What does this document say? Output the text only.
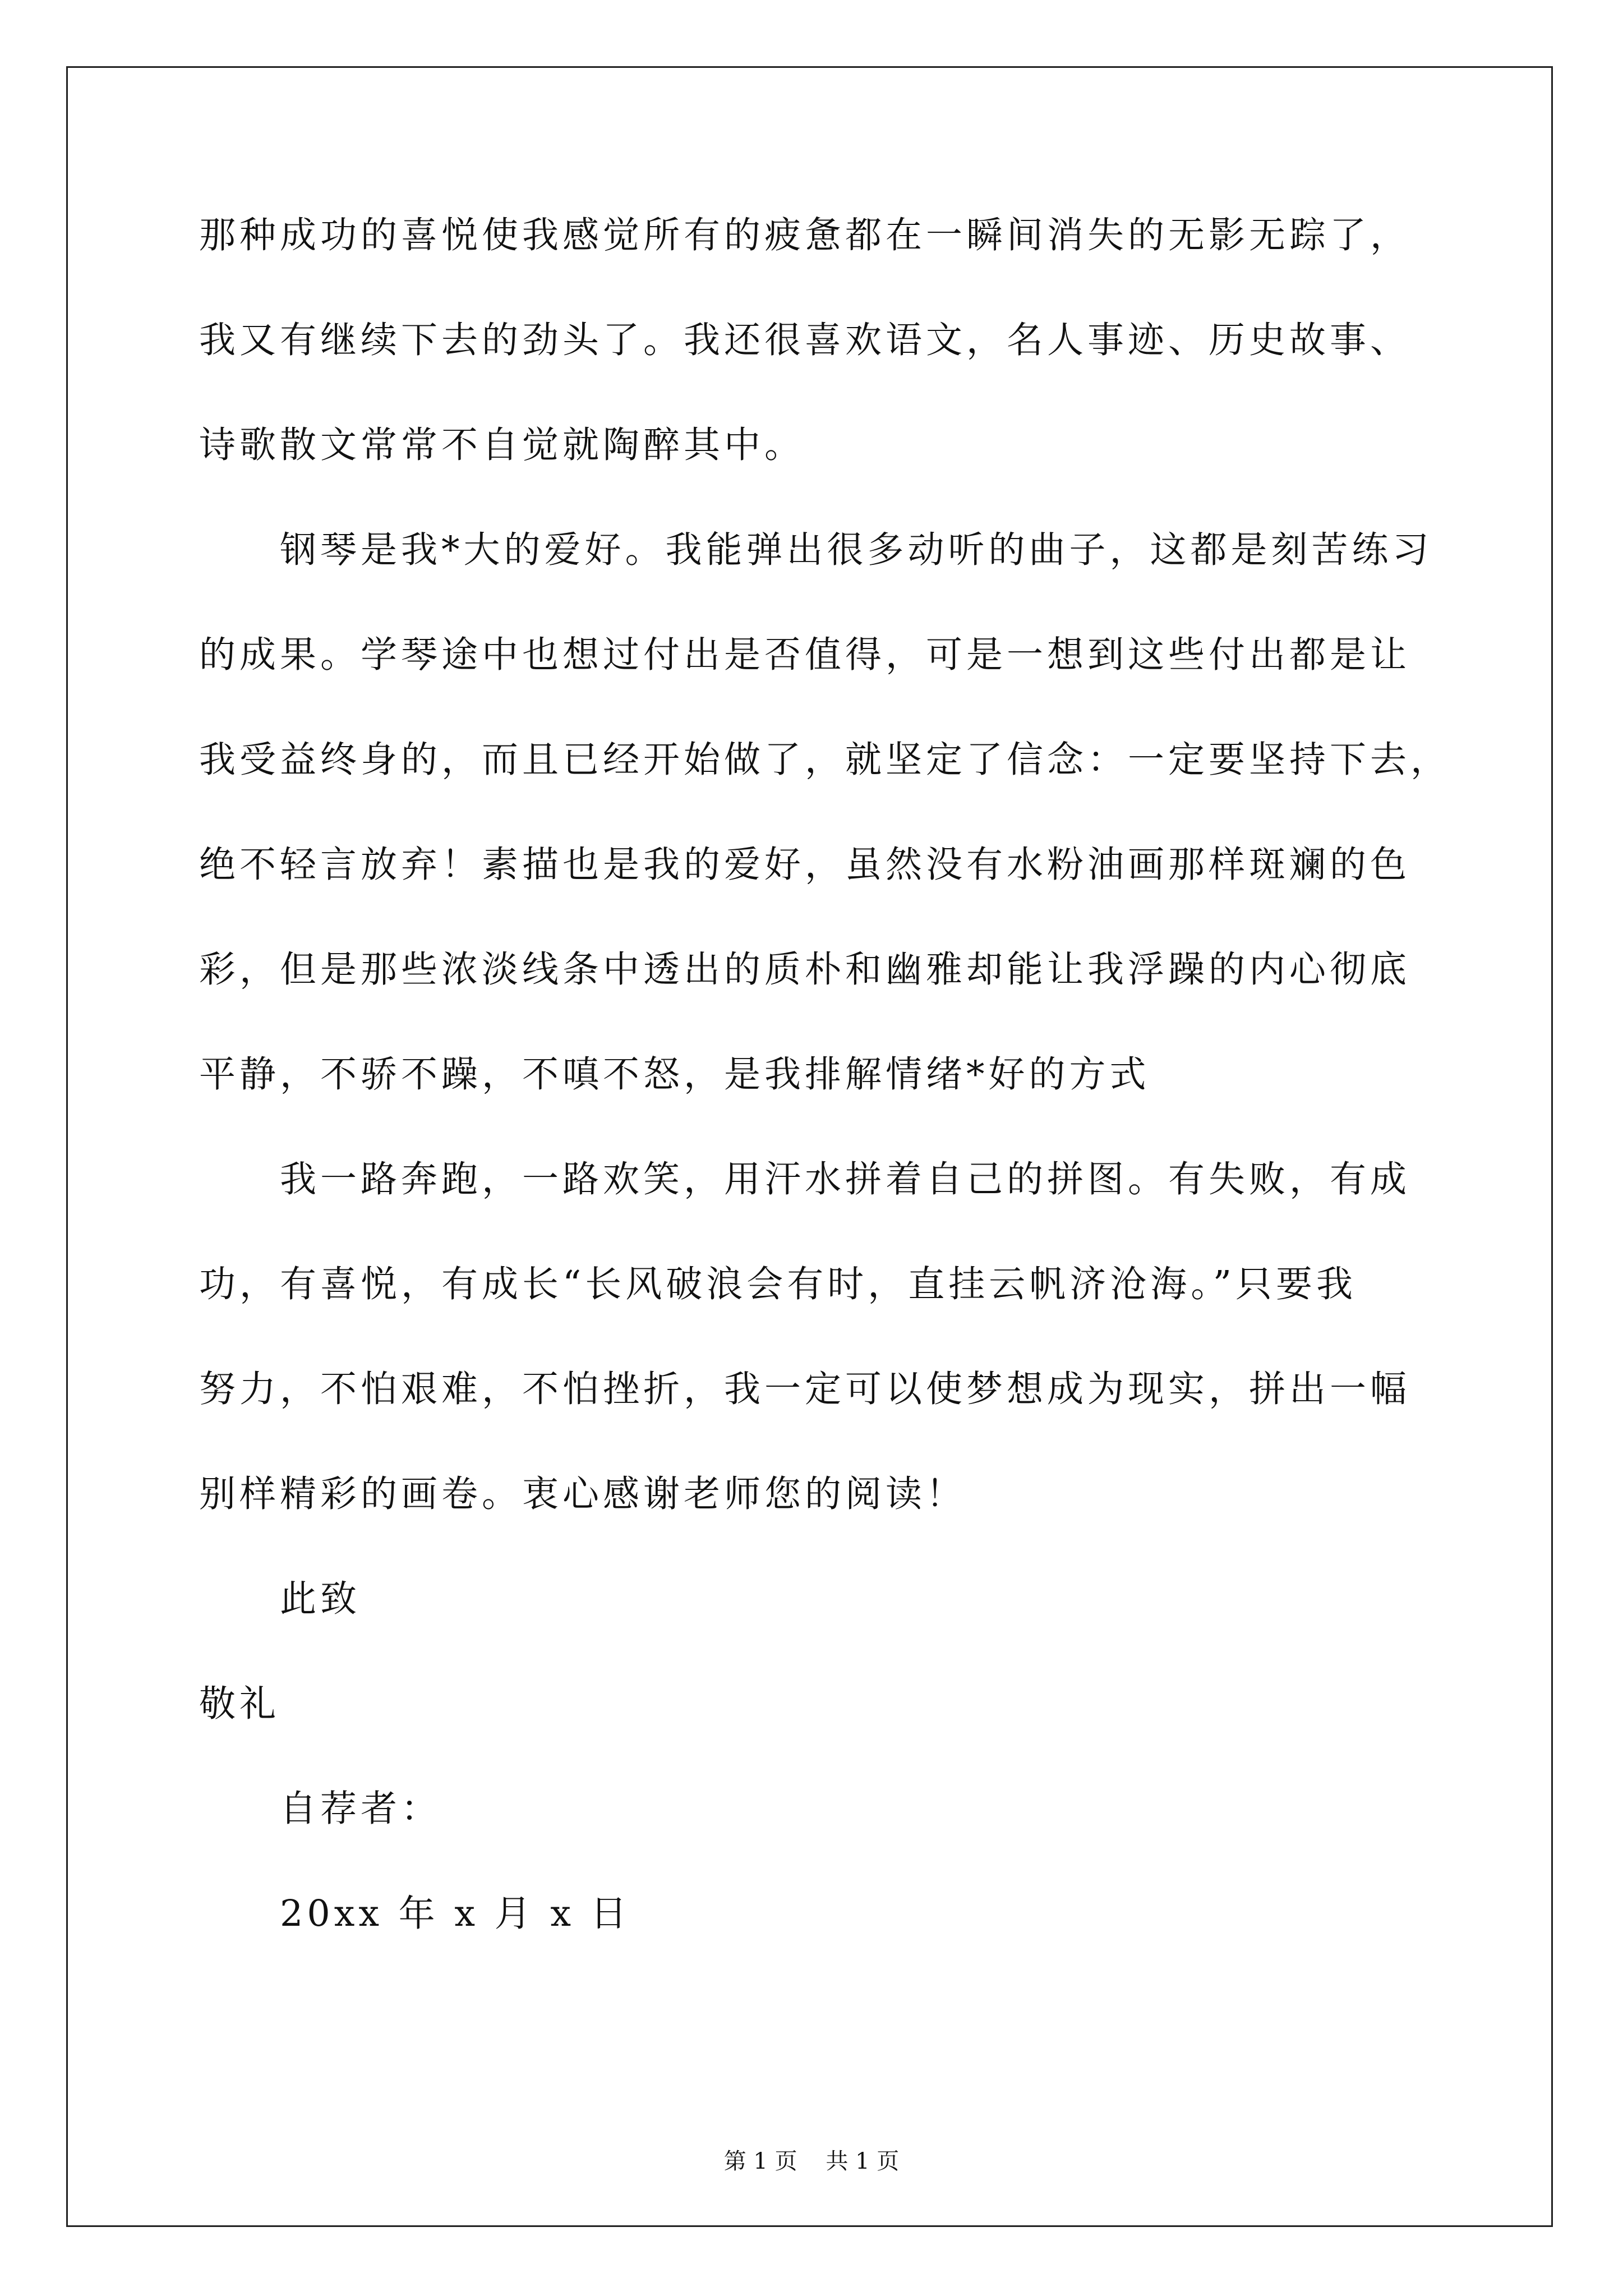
那种成功的喜悦使我感觉所有的疲惫都在一瞬间消失的无影无踪了，
我又有继续下去的劲头了。我还很喜欢语文，名人事迹、历史故事、
诗歌散文常常不自觉就陶醉其中。
钢琴是我*大的爱好。我能弹出很多动听的曲子，这都是刻苦练习
的成果。学琴途中也想过付出是否值得，可是一想到这些付出都是让
我受益终身的，而且已经开始做了，就坚定了信念：一定要坚持下去，
绝不轻言放弃！素描也是我的爱好，虽然没有水粉油画那样斑斓的色
彩，但是那些浓淡线条中透出的质朴和幽雅却能让我浮躁的内心彻底
平静，不骄不躁，不嗔不怒，是我排解情绪*好的方式
我一路奔跑，一路欢笑，用汗水拼着自己的拼图。有失败，有成
功，有喜悦，有成长“长风破浪会有时，直挂云帆济沧海。”只要我
努力，不怕艰难，不怕挫折，我一定可以使梦想成为现实，拼出一幅
别样精彩的画卷。衷心感谢老师您的阅读！
此致
敬礼
自荐者：
20xx 年 x 月 x 日
第 1 页    共 1 页
